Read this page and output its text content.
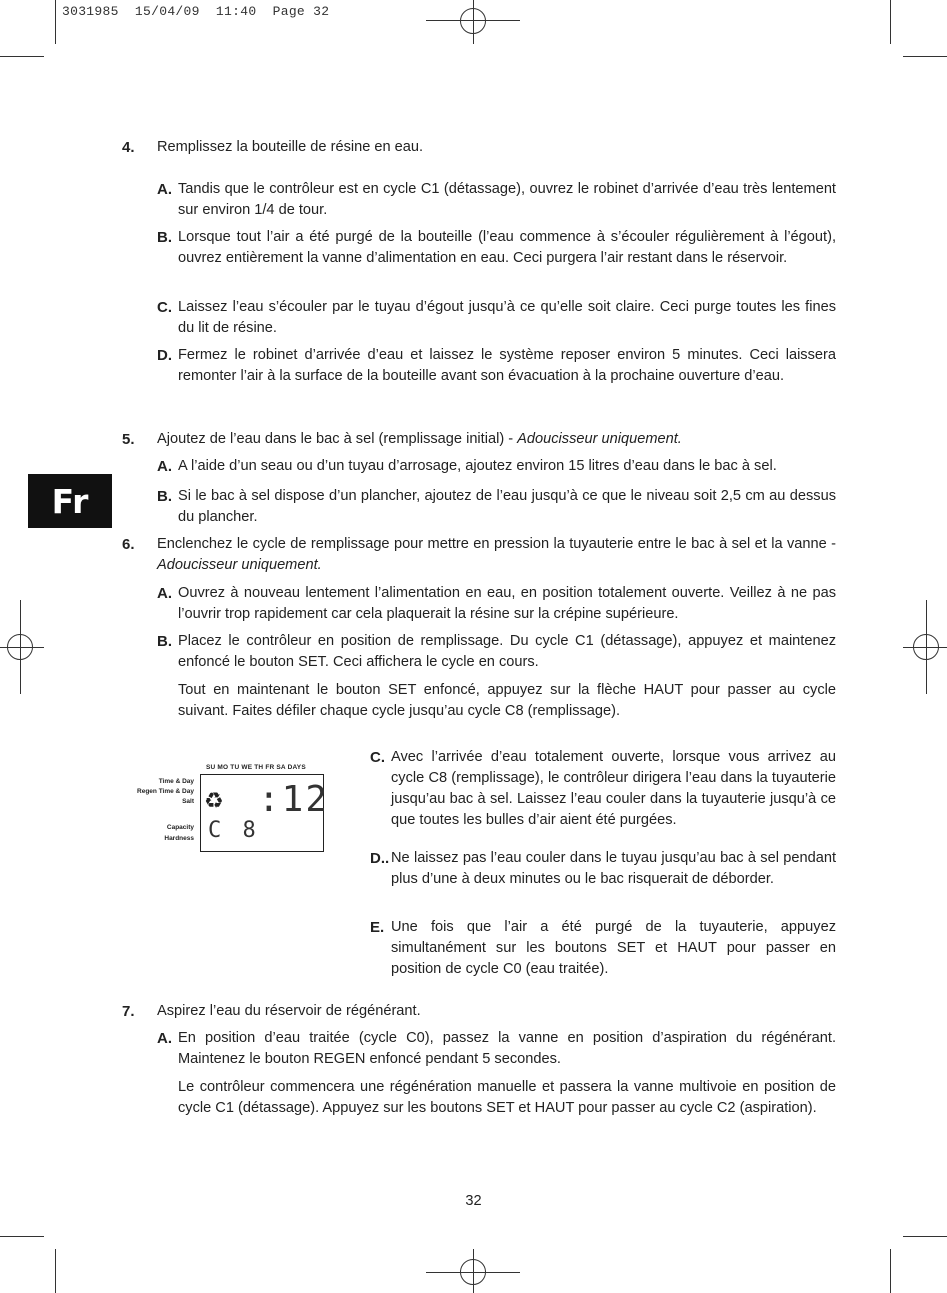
3031985  15/04/09  11:40  Page 32
Fr
4. Remplissez la bouteille de résine en eau.
A. Tandis que le contrôleur est en cycle C1 (détassage), ouvrez le robinet d’arrivée d’eau très lentement sur environ 1/4 de tour.
B. Lorsque tout l’air a été purgé de la bouteille (l’eau commence à s’écouler régulièrement à l’égout), ouvrez entièrement la vanne d’alimentation en eau. Ceci purgera l’air restant dans le réservoir.
C. Laissez l’eau s’écouler par le tuyau d’égout jusqu’à ce qu’elle soit claire. Ceci purge toutes les fines du lit de résine.
D. Fermez le robinet d’arrivée d’eau et laissez le système reposer environ 5 minutes. Ceci laissera remonter l’air à la surface de la bouteille avant son évacuation à la prochaine ouverture d’eau.
5. Ajoutez de l’eau dans le bac à sel (remplissage initial) - Adoucisseur uniquement.
A. A l’aide d’un seau ou d’un tuyau d’arrosage, ajoutez environ 15 litres d’eau dans le bac à sel.
B. Si le bac à sel dispose d’un plancher, ajoutez de l’eau jusqu’à ce que le niveau soit 2,5 cm au dessus du plancher.
6. Enclenchez le cycle de remplissage pour mettre en pression la tuyauterie entre le bac à sel et la vanne - Adoucisseur uniquement.
A. Ouvrez à nouveau lentement l’alimentation en eau, en position totalement ouverte. Veillez à ne pas l’ouvrir trop rapidement car cela plaquerait la résine sur la crépine supérieure.
B. Placez le contrôleur en position de remplissage. Du cycle C1 (détassage), appuyez et maintenez enfoncé le bouton SET. Ceci affichera le cycle en cours.
Tout en maintenant le bouton SET enfoncé, appuyez sur la flèche HAUT pour passer au cycle suivant. Faites défiler chaque cycle jusqu’au cycle C8 (remplissage).
C. Avec l’arrivée d’eau totalement ouverte, lorsque vous arrivez au cycle C8 (remplissage), le contrôleur dirigera l’eau dans la tuyauterie jusqu’au bac à sel. Laissez l’eau couler dans la tuyauterie jusqu’à ce que toutes les bulles d’air aient été purgées.
D.. Ne laissez pas l’eau couler dans le tuyau jusqu’au bac à sel pendant plus d’une à deux minutes ou le bac risquerait de déborder.
E. Une fois que l’air a été purgé de la tuyauterie, appuyez simultanément sur les boutons SET et HAUT pour passer en position de cycle C0 (eau traitée).
7. Aspirez l’eau du réservoir de régénérant.
A. En position d’eau traitée (cycle C0), passez la vanne en position d’aspiration du régénérant. Maintenez le bouton REGEN enfoncé pendant 5 secondes.
Le contrôleur commencera une régénération manuelle et passera la vanne multivoie en position de cycle C1 (détassage). Appuyez sur les boutons SET et HAUT pour passer au cycle C2 (aspiration).
SU MO TU WE TH FR SA DAYS
Time & Day
Regen Time & Day
Salt
Capacity
Hardness
♻ :12
C 8
32
